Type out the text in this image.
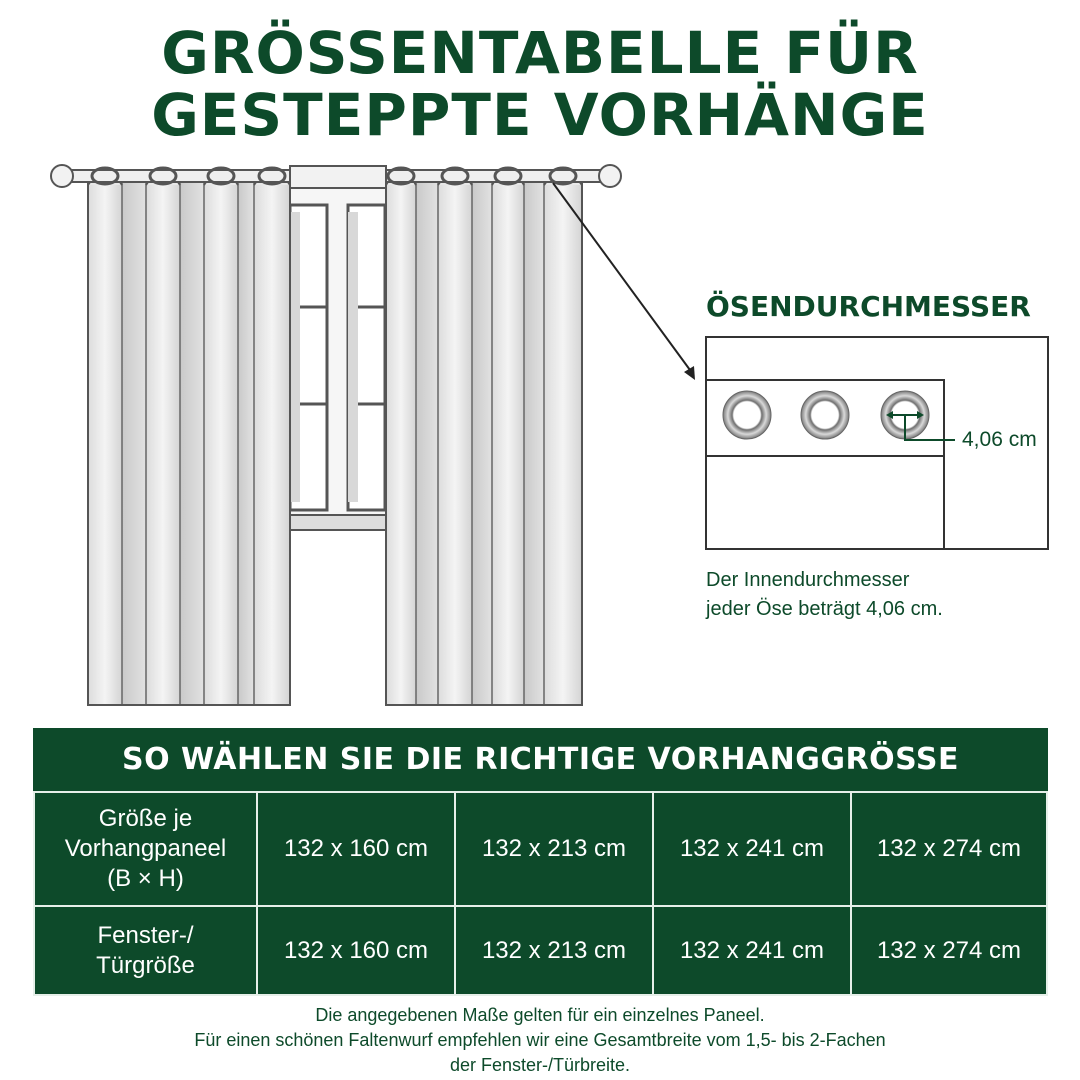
GRÖSSENTABELLE FÜR
GESTEPPTE VORHÄNGE
ÖSENDURCHMESSER
4,06 cm
Der Innendurchmesser
jeder Öse beträgt 4,06 cm.
SO WÄHLEN SIE DIE RICHTIGE VORHANGGRÖSSE
Größe je
Vorhangpaneel
(B × H)
132 x 160 cm	132 x 213 cm	132 x 241 cm	132 x 274 cm
Fenster-/
Türgröße
132 x 160 cm	132 x 213 cm	132 x 241 cm	132 x 274 cm
Die angegebenen Maße gelten für ein einzelnes Paneel.
Für einen schönen Faltenwurf empfehlen wir eine Gesamtbreite vom 1,5- bis 2-Fachen
der Fenster-/Türbreite.
